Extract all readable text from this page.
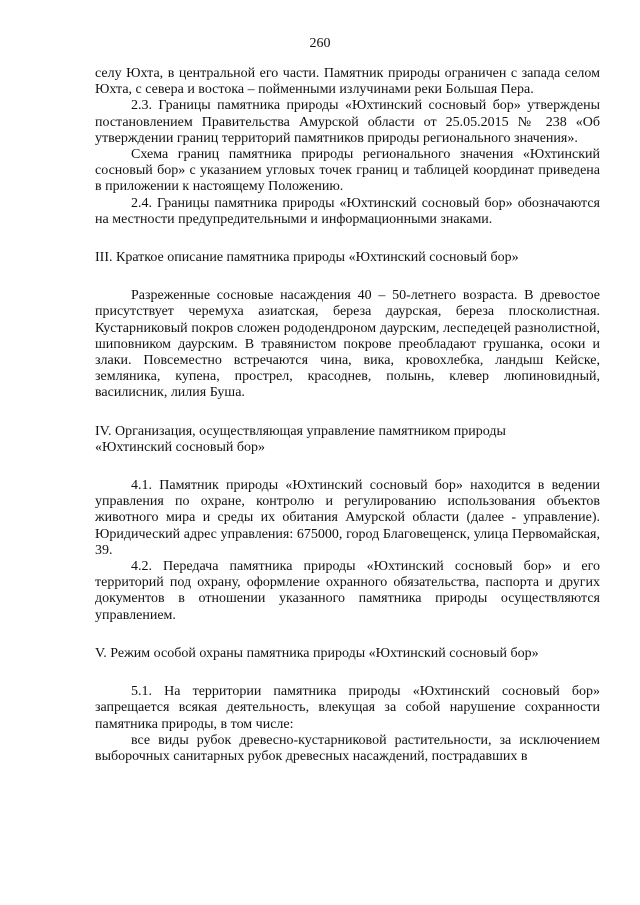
260

селу Юхта, в центральной его части. Памятник природы ограничен с запада селом Юхта, с севера и востока – пойменными излучинами реки Большая Пера.

2.3. Границы памятника природы «Юхтинский сосновый бор» утверждены постановлением Правительства Амурской области от 25.05.2015 № 238 «Об утверждении границ территорий памятников природы регионального значения».

Схема границ памятника природы регионального значения «Юхтинский сосновый бор» с указанием угловых точек границ и таблицей координат приведена в приложении к настоящему Положению.

2.4. Границы памятника природы «Юхтинский сосновый бор» обозначаются на местности предупредительными и информационными знаками.

III. Краткое описание памятника природы «Юхтинский сосновый бор»

Разреженные сосновые насаждения 40 – 50-летнего возраста. В древостое присутствует черемуха азиатская, береза даурская, береза плосколистная. Кустарниковый покров сложен рододендроном даурским, леспедецей разнолистной, шиповником даурским. В травянистом покрове преобладают грушанка, осоки и злаки. Повсеместно встречаются чина, вика, кровохлебка, ландыш Кейске, земляника, купена, прострел, красоднев, полынь, клевер люпиновидный, василисник, лилия Буша.

IV. Организация, осуществляющая управление памятником природы

«Юхтинский сосновый бор»

4.1. Памятник природы «Юхтинский сосновый бор» находится в ведении управления по охране, контролю и регулированию использования объектов животного мира и среды их обитания Амурской области (далее - управление). Юридический адрес управления: 675000, город Благовещенск, улица Первомайская, 39.

4.2. Передача памятника природы «Юхтинский сосновый бор» и его территорий под охрану, оформление охранного обязательства, паспорта и других документов в отношении указанного памятника природы осуществляются управлением.

V. Режим особой охраны памятника природы «Юхтинский сосновый бор»

5.1. На территории памятника природы «Юхтинский сосновый бор» запрещается всякая деятельность, влекущая за собой нарушение сохранности памятника природы, в том числе:

все виды рубок древесно-кустарниковой растительности, за исключением выборочных санитарных рубок древесных насаждений, пострадавших в
